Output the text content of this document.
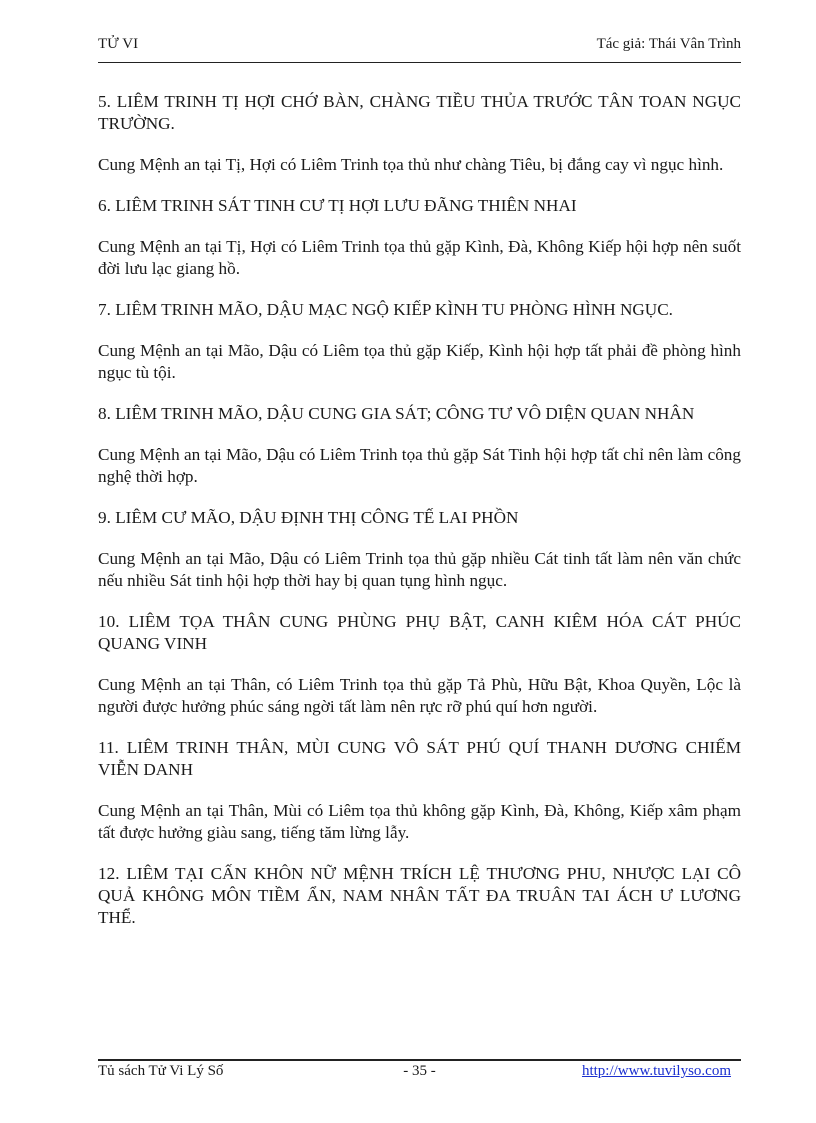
TỬ VI	Tác giả: Thái Vân Trình

5. LIÊM TRINH TỊ HỢI CHỚ BÀN, CHÀNG TIỀU THỦA TRƯỚC TÂN TOAN NGỤC TRƯỜNG.

Cung Mệnh an tại Tị, Hợi có Liêm Trinh tọa thủ như chàng Tiêu, bị đắng cay vì ngục hình.

6. LIÊM TRINH SÁT TINH CƯ TỊ HỢI LƯU ĐÃNG THIÊN NHAI

Cung Mệnh an tại Tị, Hợi có Liêm Trinh tọa thủ gặp Kình, Đà, Không Kiếp hội hợp nên suốt đời lưu lạc giang hồ.

7. LIÊM TRINH MÃO, DẬU MẠC NGỘ KIẾP KÌNH TU PHÒNG HÌNH NGỤC.

Cung Mệnh an tại Mão, Dậu có Liêm tọa thủ gặp Kiếp, Kình hội hợp tất phải đề phòng hình ngục tù tội.

8. LIÊM TRINH MÃO, DẬU CUNG GIA SÁT; CÔNG TƯ VÔ DIỆN QUAN NHÂN

Cung Mệnh an tại Mão, Dậu có Liêm Trinh tọa thủ gặp Sát Tinh hội hợp tất chỉ nên làm công nghệ thời hợp.

9. LIÊM CƯ MÃO, DẬU ĐỊNH THỊ CÔNG TẾ LAI PHỒN

Cung Mệnh an tại Mão, Dậu có Liêm Trinh tọa thủ gặp nhiều Cát tinh tất làm nên văn chức nếu nhiều Sát tinh hội hợp thời hay bị quan tụng hình ngục.

10. LIÊM TỌA THÂN CUNG PHÙNG PHỤ BẬT, CANH KIÊM HÓA CÁT PHÚC QUANG VINH

Cung Mệnh an tại Thân, có Liêm Trinh tọa thủ gặp Tả Phù, Hữu Bật, Khoa Quyền, Lộc là người được hưởng phúc sáng ngời tất làm nên rực rỡ phú quí hơn người.

11. LIÊM TRINH THÂN, MÙI CUNG VÔ SÁT PHÚ QUÍ THANH DƯƠNG CHIẾM VIỄN DANH

Cung Mệnh an tại Thân, Mùi có Liêm tọa thủ không gặp Kình, Đà, Không, Kiếp xâm phạm tất được hưởng giàu sang, tiếng tăm lừng lẫy.

12. LIÊM TẠI CẤN KHÔN NỮ MỆNH TRÍCH LỆ THƯƠNG PHU, NHƯỢC LẠI CÔ QUẢ KHÔNG MÔN TIỀM ẨN, NAM NHÂN TẤT ĐA TRUÂN TAI ÁCH Ư LƯƠNG THỂ.

Tủ sách Tử Vi Lý Số	- 35 -	http://www.tuvilyso.com
